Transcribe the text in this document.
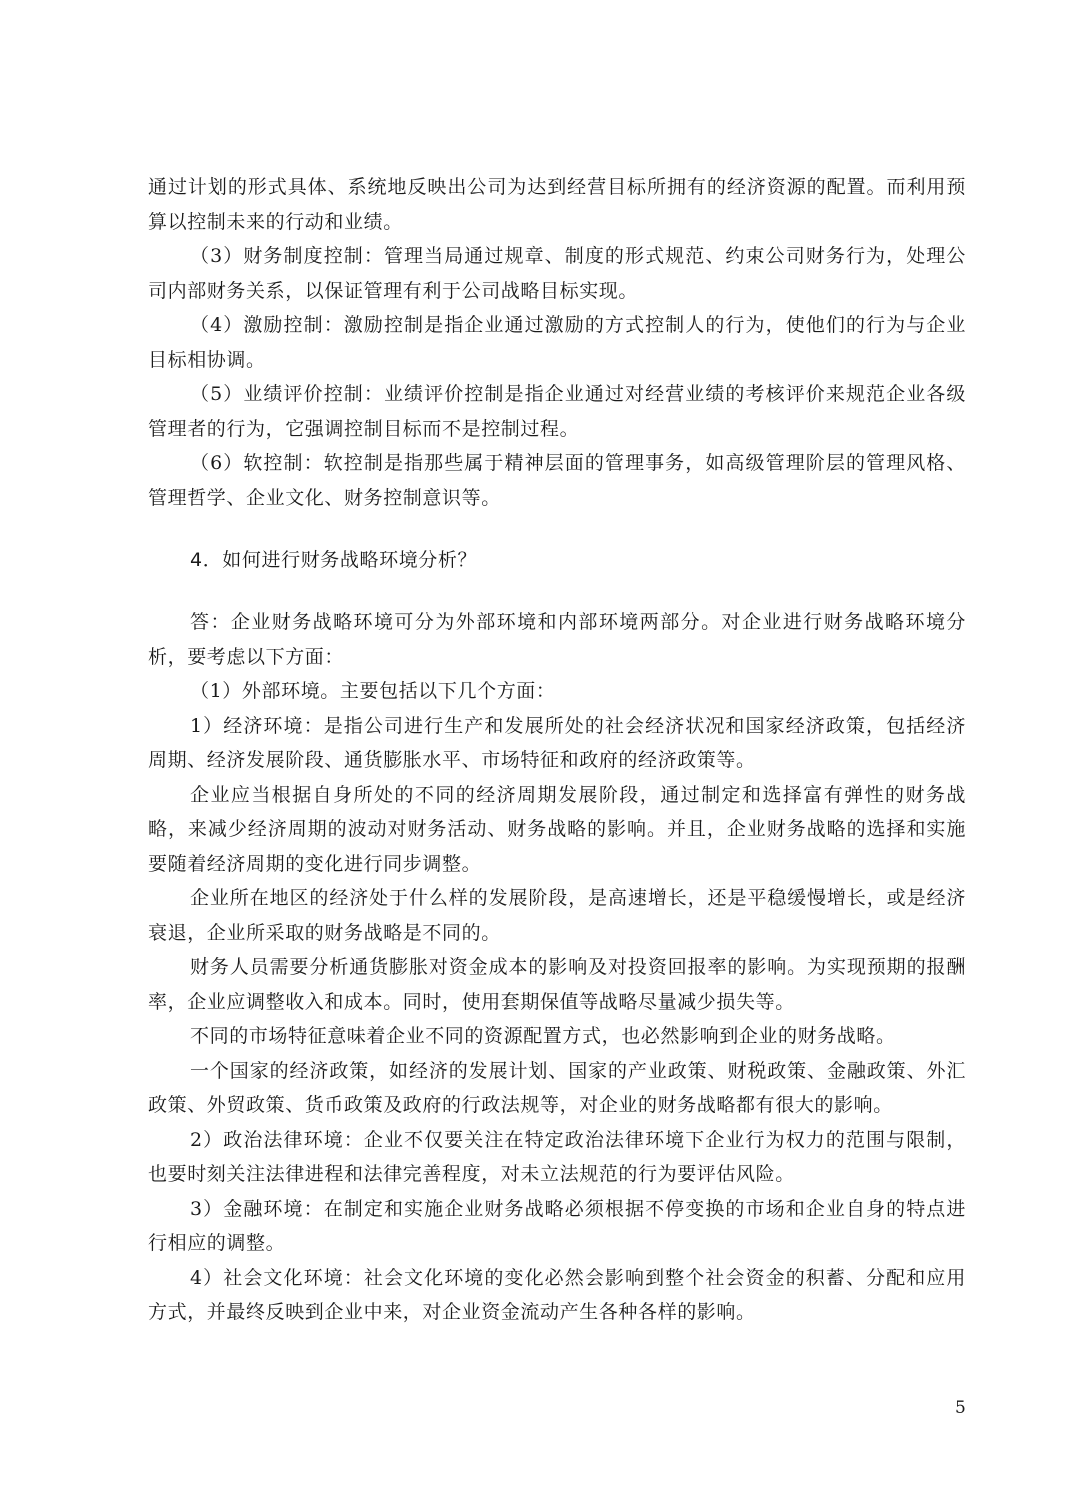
通过计划的形式具体、系统地反映出公司为达到经营目标所拥有的经济资源的配置。而利用预算以控制未来的行动和业绩。

（3）财务制度控制：管理当局通过规章、制度的形式规范、约束公司财务行为，处理公司内部财务关系，以保证管理有利于公司战略目标实现。

（4）激励控制：激励控制是指企业通过激励的方式控制人的行为，使他们的行为与企业目标相协调。

（5）业绩评价控制：业绩评价控制是指企业通过对经营业绩的考核评价来规范企业各级管理者的行为，它强调控制目标而不是控制过程。

（6）软控制：软控制是指那些属于精神层面的管理事务，如高级管理阶层的管理风格、管理哲学、企业文化、财务控制意识等。

4．如何进行财务战略环境分析？

答：企业财务战略环境可分为外部环境和内部环境两部分。对企业进行财务战略环境分析，要考虑以下方面：

（1）外部环境。主要包括以下几个方面：

1）经济环境：是指公司进行生产和发展所处的社会经济状况和国家经济政策，包括经济周期、经济发展阶段、通货膨胀水平、市场特征和政府的经济政策等。

企业应当根据自身所处的不同的经济周期发展阶段，通过制定和选择富有弹性的财务战略，来减少经济周期的波动对财务活动、财务战略的影响。并且，企业财务战略的选择和实施要随着经济周期的变化进行同步调整。

企业所在地区的经济处于什么样的发展阶段，是高速增长，还是平稳缓慢增长，或是经济衰退，企业所采取的财务战略是不同的。

财务人员需要分析通货膨胀对资金成本的影响及对投资回报率的影响。为实现预期的报酬率，企业应调整收入和成本。同时，使用套期保值等战略尽量减少损失等。

不同的市场特征意味着企业不同的资源配置方式，也必然影响到企业的财务战略。

一个国家的经济政策，如经济的发展计划、国家的产业政策、财税政策、金融政策、外汇政策、外贸政策、货币政策及政府的行政法规等，对企业的财务战略都有很大的影响。

2）政治法律环境：企业不仅要关注在特定政治法律环境下企业行为权力的范围与限制，也要时刻关注法律进程和法律完善程度，对未立法规范的行为要评估风险。

3）金融环境：在制定和实施企业财务战略必须根据不停变换的市场和企业自身的特点进行相应的调整。

4）社会文化环境：社会文化环境的变化必然会影响到整个社会资金的积蓄、分配和应用方式，并最终反映到企业中来，对企业资金流动产生各种各样的影响。

5
